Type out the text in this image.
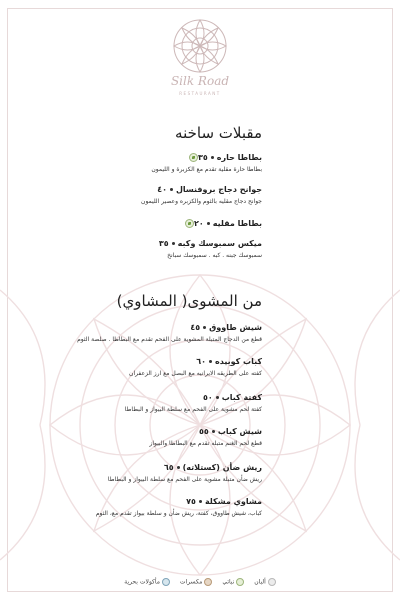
Silk Road
RESTAURANT
مقبلات ساخنه
بطاطا حاره٣٥
بطاطا حارة مقلية تقدم مع الكزبرة و الليمون
جوانح دجاج بروفنسال٤٠
جوانح دجاج مقليه بالثوم والكزبره وعصير الليمون
بطاطا مقليه٢٠
ميكس سمبوسك وكبه٣٥
سمبوسك جبنه . كبه . سمبوسك سبانخ
من المشوى( المشاوي)
شيش طاووق٤٥
قطع من الدجاج المتبلة المشوية على الفحم تقدم مع البطاطا . صلصة الثوم
كباب كوبيده٦٠
كفته على الطريقه الايرانيه مع البصل مع ارز الزعفران
كفتة كباب٥٠
كفتة لحم مشوية على الفحم مع سلطة البيواز و البطاطا
شيش كباب٥٥
قطع لحم الغنم متبله تقدم مع البطاطا والبيواز
ريش ضأن (كستلاته)٦٥
ريش ضأن متبلة مشوية على الفحم مع سلطة البيواز و البطاطا
مشاوي مشكلة٧٥
كباب، شيش طاووق، كفتة، ريش ضأن و سلطة بيواز تقدم مع، الثوم
ألبان نباتي مكسرات مأكولات بحرية
